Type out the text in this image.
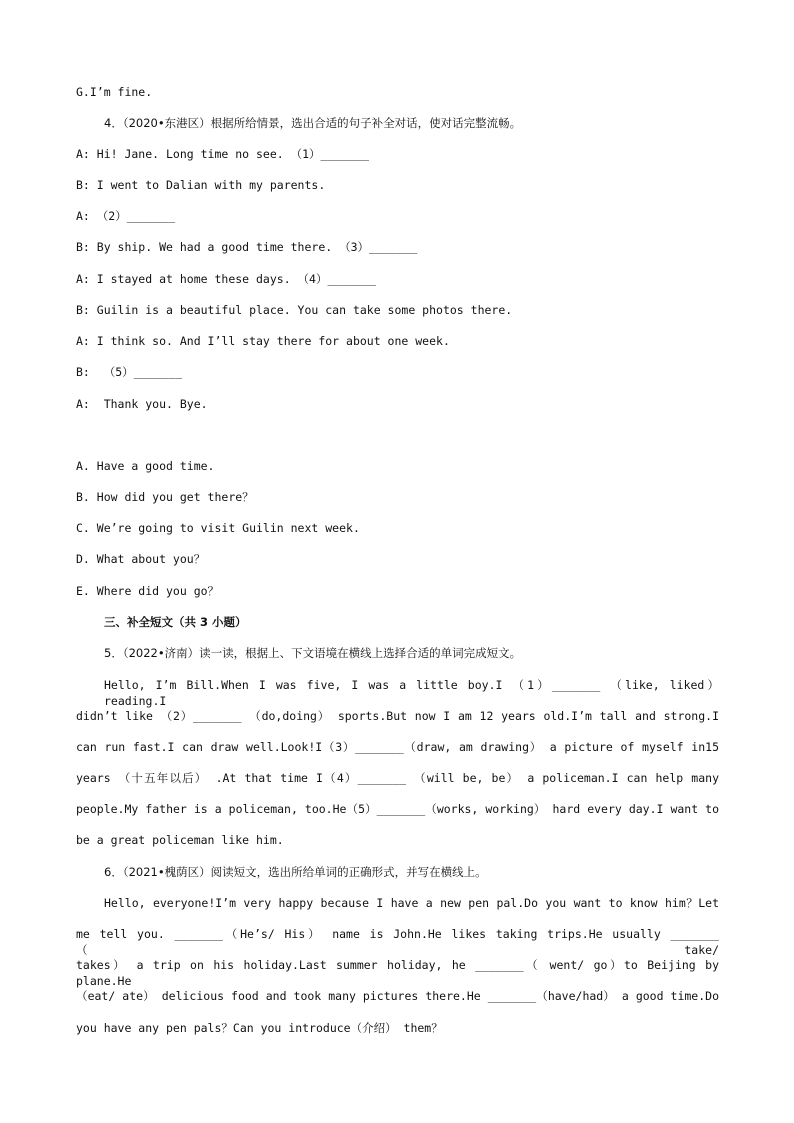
G.I’m fine.
4．（2020•东港区）根据所给情景，选出合适的句子补全对话，使对话完整流畅。
A: Hi! Jane. Long time no see. （1）_______
B: I went to Dalian with my parents.
A: （2）_______
B: By ship. We had a good time there. （3）_______
A: I stayed at home these days. （4）_______
B: Guilin is a beautiful place. You can take some photos there.
A: I think so. And I’ll stay there for about one week.
B:  （5）_______
A:  Thank you. Bye.
A. Have a good time.
B. How did you get there？
C. We’re going to visit Guilin next week.
D. What about you？
E. Where did you go？
三、补全短文（共 3 小题）
5．（2022•济南）读一读，根据上、下文语境在横线上选择合适的单词完成短文。
Hello, I’m Bill.When I was five, I was a little boy.I （1）_______ （like, liked） reading.I
didn’t like （2）_______ （do,doing） sports.But now I am 12 years old.I’m tall and strong.I
can run fast.I can draw well.Look!I（3）_______（draw, am drawing） a picture of myself in15
years （十五年以后） .At that time I（4）_______ （will be, be） a policeman.I can help many
people.My father is a policeman, too.He（5）_______（works, working） hard every day.I want to
be a great policeman like him.
6．（2021•槐荫区）阅读短文，选出所给单词的正确形式，并写在横线上。
Hello, everyone!I’m very happy because I have a new pen pal.Do you want to know him？Let
me tell you. _______（He’s/ His） name is John.He likes taking trips.He usually _______（take/
takes） a trip on his holiday.Last summer holiday, he _______（ went/ go）to Beijing by plane.He
（eat/ ate） delicious food and took many pictures there.He _______（have/had） a good time.Do
you have any pen pals？Can you introduce（介绍） them？
